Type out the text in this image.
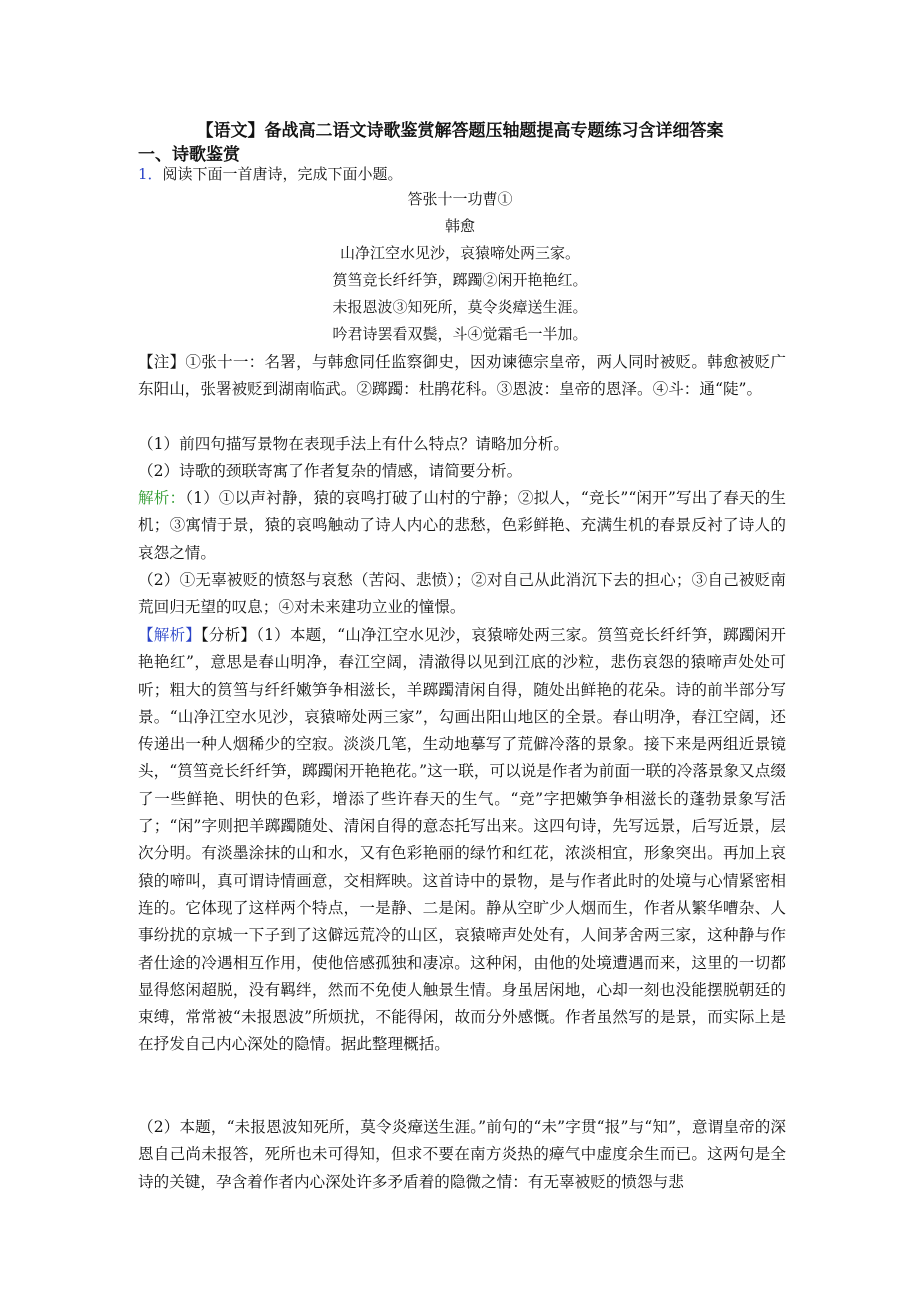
【语文】备战高二语文诗歌鉴赏解答题压轴题提高专题练习含详细答案
一、诗歌鉴赏
1．阅读下面一首唐诗，完成下面小题。
答张十一功曹①
韩愈
山净江空水见沙，哀猿啼处两三家。
筼筜竞长纤纤笋，踯躅②闲开艳艳红。
未报恩波③知死所，莫令炎瘴送生涯。
吟君诗罢看双鬓，斗④觉霜毛一半加。
【注】①张十一：名署，与韩愈同任监察御史，因劝谏德宗皇帝，两人同时被贬。韩愈被贬广东阳山，张署被贬到湖南临武。②踯躅：杜鹃花科。③恩波：皇帝的恩泽。④斗：通“陡”。
（1）前四句描写景物在表现手法上有什么特点？请略加分析。
（2）诗歌的颈联寄寓了作者复杂的情感，请简要分析。
解析：（1）①以声衬静，猿的哀鸣打破了山村的宁静；②拟人，“竞长”“闲开”写出了春天的生机；③寓情于景，猿的哀鸣触动了诗人内心的悲愁，色彩鲜艳、充满生机的春景反衬了诗人的哀怨之情。
（2）①无辜被贬的愤怒与哀愁（苦闷、悲愤）；②对自己从此消沉下去的担心；③自己被贬南荒回归无望的叹息；④对未来建功立业的憧憬。
【解析】【分析】（1）本题，“山净江空水见沙，哀猿啼处两三家。筼筜竞长纤纤笋，踯躅闲开艳艳红”，意思是春山明净，春江空阔，清澈得以见到江底的沙粒，悲伤哀怨的猿啼声处处可听；粗大的筼筜与纤纤嫩笋争相滋长，羊踯躅清闲自得，随处出鲜艳的花朵。诗的前半部分写景。“山净江空水见沙，哀猿啼处两三家”，勾画出阳山地区的全景。春山明净，春江空阔，还传递出一种人烟稀少的空寂。淡淡几笔，生动地摹写了荒僻冷落的景象。接下来是两组近景镜头，“筼筜竞长纤纤笋，踯躅闲开艳艳花。”这一联，可以说是作者为前面一联的冷落景象又点缀了一些鲜艳、明快的色彩，增添了些许春天的生气。“竞”字把嫩笋争相滋长的蓬勃景象写活了；“闲”字则把羊踯躅随处、清闲自得的意态托写出来。这四句诗，先写远景，后写近景，层次分明。有淡墨涂抹的山和水，又有色彩艳丽的绿竹和红花，浓淡相宜，形象突出。再加上哀猿的啼叫，真可谓诗情画意，交相辉映。这首诗中的景物，是与作者此时的处境与心情紧密相连的。它体现了这样两个特点，一是静、二是闲。静从空旷少人烟而生，作者从繁华嘈杂、人事纷扰的京城一下子到了这僻远荒冷的山区，哀猿啼声处处有，人间茅舍两三家，这种静与作者仕途的冷遇相互作用，使他倍感孤独和凄凉。这种闲，由他的处境遭遇而来，这里的一切都显得悠闲超脱，没有羁绊，然而不免使人触景生情。身虽居闲地，心却一刻也没能摆脱朝廷的束缚，常常被“未报恩波”所烦扰，不能得闲，故而分外感慨。作者虽然写的是景，而实际上是在抒发自己内心深处的隐情。据此整理概括。
（2）本题，“未报恩波知死所，莫令炎瘴送生涯。”前句的“未”字贯“报”与“知”，意谓皇帝的深恩自己尚未报答，死所也未可得知，但求不要在南方炎热的瘴气中虚度余生而已。这两句是全诗的关键，孕含着作者内心深处许多矛盾着的隐微之情：有无辜被贬的愤怨与悲
